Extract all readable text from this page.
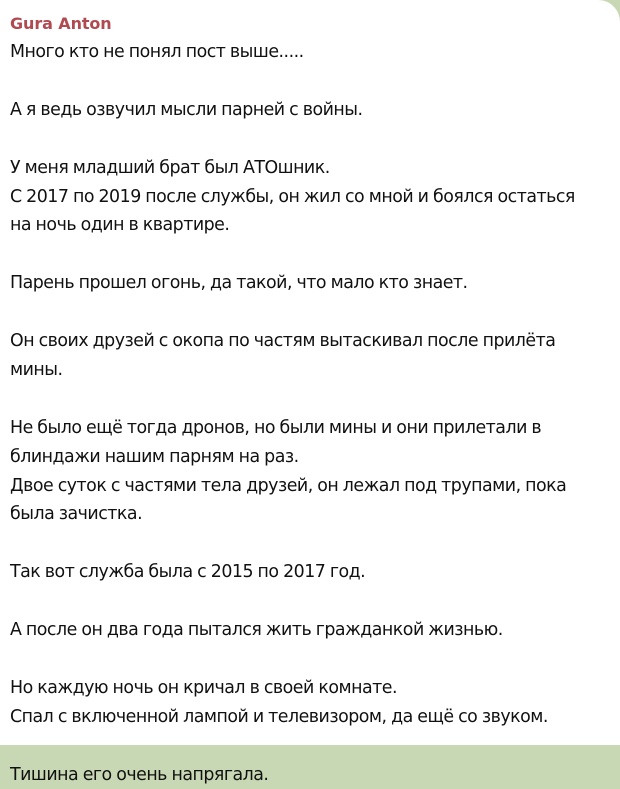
Gura Anton

Много кто не понял пост выше.....

А я ведь озвучил мысли парней с войны.

У меня младший брат был АТОшник.
С 2017 по 2019 после службы, он жил со мной и боялся остаться
на ночь один в квартире.

Парень прошел огонь, да такой, что мало кто знает.

Он своих друзей с окопа по частям вытаскивал после прилёта
мины.

Не было ещё тогда дронов, но были мины и они прилетали в
блиндажи нашим парням на раз.
Двое суток с частями тела друзей, он лежал под трупами, пока
была зачистка.

Так вот служба была с 2015 по 2017 год.

А после он два года пытался жить гражданкой жизнью.

Но каждую ночь он кричал в своей комнате.
Спал с включенной лампой и телевизором, да ещё со звуком.

Тишина его очень напрягала.
